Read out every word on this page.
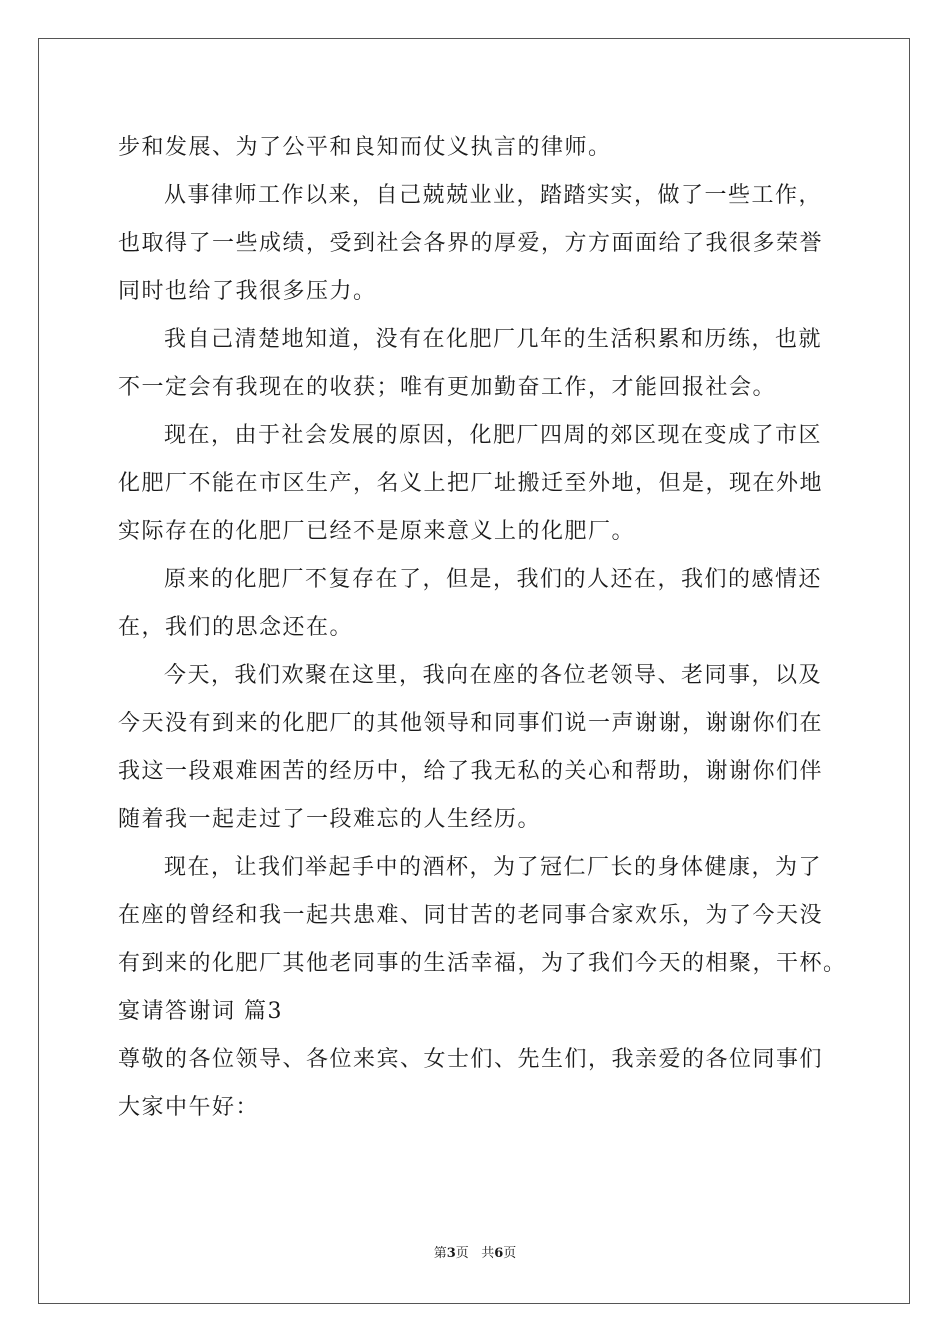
步和发展、为了公平和良知而仗义执言的律师。
从事律师工作以来，自己兢兢业业，踏踏实实，做了一些工作，
也取得了一些成绩，受到社会各界的厚爱，方方面面给了我很多荣誉
同时也给了我很多压力。
我自己清楚地知道，没有在化肥厂几年的生活积累和历练，也就
不一定会有我现在的收获；唯有更加勤奋工作，才能回报社会。
现在，由于社会发展的原因，化肥厂四周的郊区现在变成了市区
化肥厂不能在市区生产，名义上把厂址搬迁至外地，但是，现在外地
实际存在的化肥厂已经不是原来意义上的化肥厂。
原来的化肥厂不复存在了，但是，我们的人还在，我们的感情还
在，我们的思念还在。
今天，我们欢聚在这里，我向在座的各位老领导、老同事，以及
今天没有到来的化肥厂的其他领导和同事们说一声谢谢，谢谢你们在
我这一段艰难困苦的经历中，给了我无私的关心和帮助，谢谢你们伴
随着我一起走过了一段难忘的人生经历。
现在，让我们举起手中的酒杯，为了冠仁厂长的身体健康，为了
在座的曾经和我一起共患难、同甘苦的老同事合家欢乐，为了今天没
有到来的化肥厂其他老同事的生活幸福，为了我们今天的相聚，干杯。
宴请答谢词 篇3
尊敬的各位领导、各位来宾、女士们、先生们，我亲爱的各位同事们
大家中午好：
第3页 共6页
